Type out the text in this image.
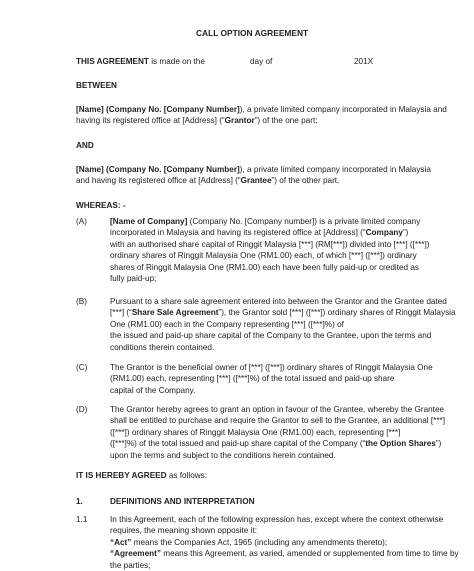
CALL OPTION AGREEMENT
THIS AGREEMENT is made on the	day of	201X
BETWEEN
[Name] (Company No. [Company Number]), a private limited company incorporated in Malaysia and
having its registered office at [Address] (“Grantor”) of the one part;
AND
[Name] (Company No. [Company Number]), a private limited company incorporated in Malaysia
and having its registered office at [Address] (“Grantee”) of the other part.
WHEREAS: -
(A)	[Name of Company] (Company No. [Company number]) is a private limited company
incorporated in Malaysia and having its registered office at [Address] (“Company”)
with an authorised share capital of Ringgit Malaysia [***] (RM[***]) divided into [***] ([***])
ordinary shares of Ringgit Malaysia One (RM1.00) each, of which [***] ([***]) ordinary
shares of Ringgit Malaysia One (RM1.00) each have been fully paid-up or credited as
fully paid-up;
(B)	Pursuant to a share sale agreement entered into between the Grantor and the Grantee dated
[***] (“Share Sale Agreement”), the Grantor sold [***] ([***]) ordinary shares of Ringgit Malaysia
One (RM1.00) each in the Company representing [***] ([***]%) of
the issued and paid-up share capital of the Company to the Grantee, upon the terms and
conditions therein contained.
(C)	The Grantor is the beneficial owner of [***] ([***]) ordinary shares of Ringgit Malaysia One
(RM1.00) each, representing [***] ([***]%) of the total issued and paid-up share
capital of the Company.
(D)	The Grantor hereby agrees to grant an option in favour of the Grantee, whereby the Grantee
shall be entitled to purchase and require the Grantor to sell to the Grantee, an additional [***]
([***]) ordinary shares of Ringgit Malaysia One (RM1.00) each, representing [***]
([***]%) of the total issued and paid-up share capital of the Company (“the Option Shares”)
upon the terms and subject to the conditions herein contained.
IT IS HEREBY AGREED as follows:
1.	DEFINITIONS AND INTERPRETATION
1.1	In this Agreement, each of the following expression has, except where the context otherwise
requires, the meaning shown opposite it:
“Act” means the Companies Act, 1965 (including any amendments thereto);
“Agreement” means this Agreement, as varied, amended or supplemented from time to time by
the parties;
